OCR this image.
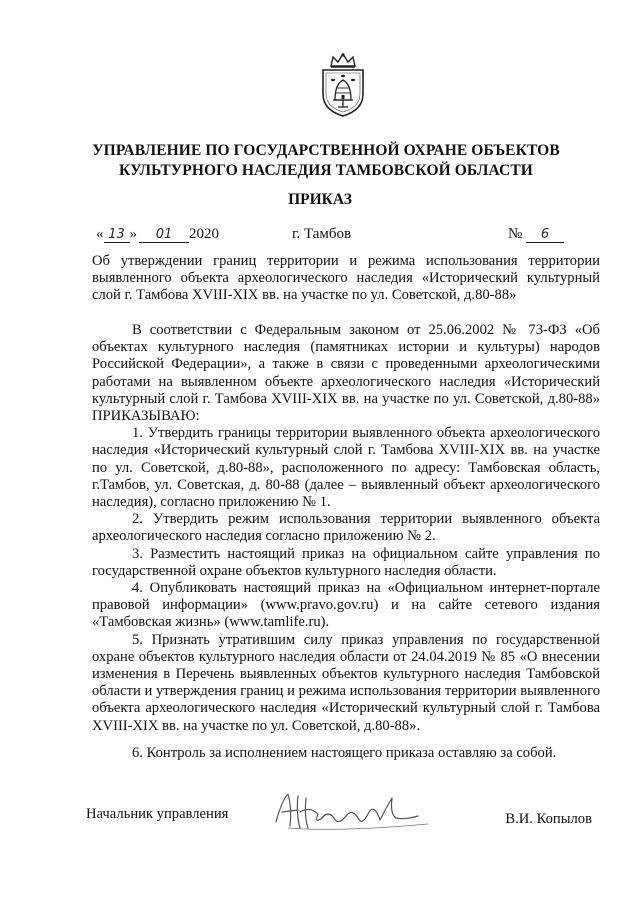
УПРАВЛЕНИЕ ПО ГОСУДАРСТВЕННОЙ ОХРАНЕ ОБЪЕКТОВ
КУЛЬТУРНОГО НАСЛЕДИЯ ТАМБОВСКОЙ ОБЛАСТИ
ПРИКАЗ
« 13 » 01 2020	г. Тамбов	№ 6
Об утверждении границ территории и режима использования территории выявленного объекта археологического наследия «Исторический культурный слой г. Тамбова XVIII-XIX вв. на участке по ул. Советской, д.80-88»

В соответствии с Федеральным законом от 25.06.2002 № 73-ФЗ «Об объектах культурного наследия (памятниках истории и культуры) народов Российской Федерации», а также в связи с проведенными археологическими работами на выявленном объекте археологического наследия «Исторический культурный слой г. Тамбова XVIII-XIX вв. на участке по ул. Советской, д.80-88» ПРИКАЗЫВАЮ:

1. Утвердить границы территории выявленного объекта археологического наследия «Исторический культурный слой г. Тамбова XVIII-XIX вв. на участке по ул. Советской, д.80-88», расположенного по адресу: Тамбовская область, г.Тамбов, ул. Советская, д. 80-88 (далее – выявленный объект археологического наследия), согласно приложению № 1.

2. Утвердить режим использования территории выявленного объекта археологического наследия согласно приложению № 2.

3. Разместить настоящий приказ на официальном сайте управления по государственной охране объектов культурного наследия области.

4. Опубликовать настоящий приказ на «Официальном интернет-портале правовой информации» (www.pravo.gov.ru) и на сайте сетевого издания «Тамбовская жизнь» (www.tamlife.ru).

5. Признать утратившим силу приказ управления по государственной охране объектов культурного наследия области от 24.04.2019 № 85 «О внесении изменения в Перечень выявленных объектов культурного наследия Тамбовской области и утверждения границ и режима использования территории выявленного объекта археологического наследия «Исторический культурный слой г. Тамбова XVIII-XIX вв. на участке по ул. Советской, д.80-88».

6. Контроль за исполнением настоящего приказа оставляю за собой.

Начальник управления	В.И. Копылов
